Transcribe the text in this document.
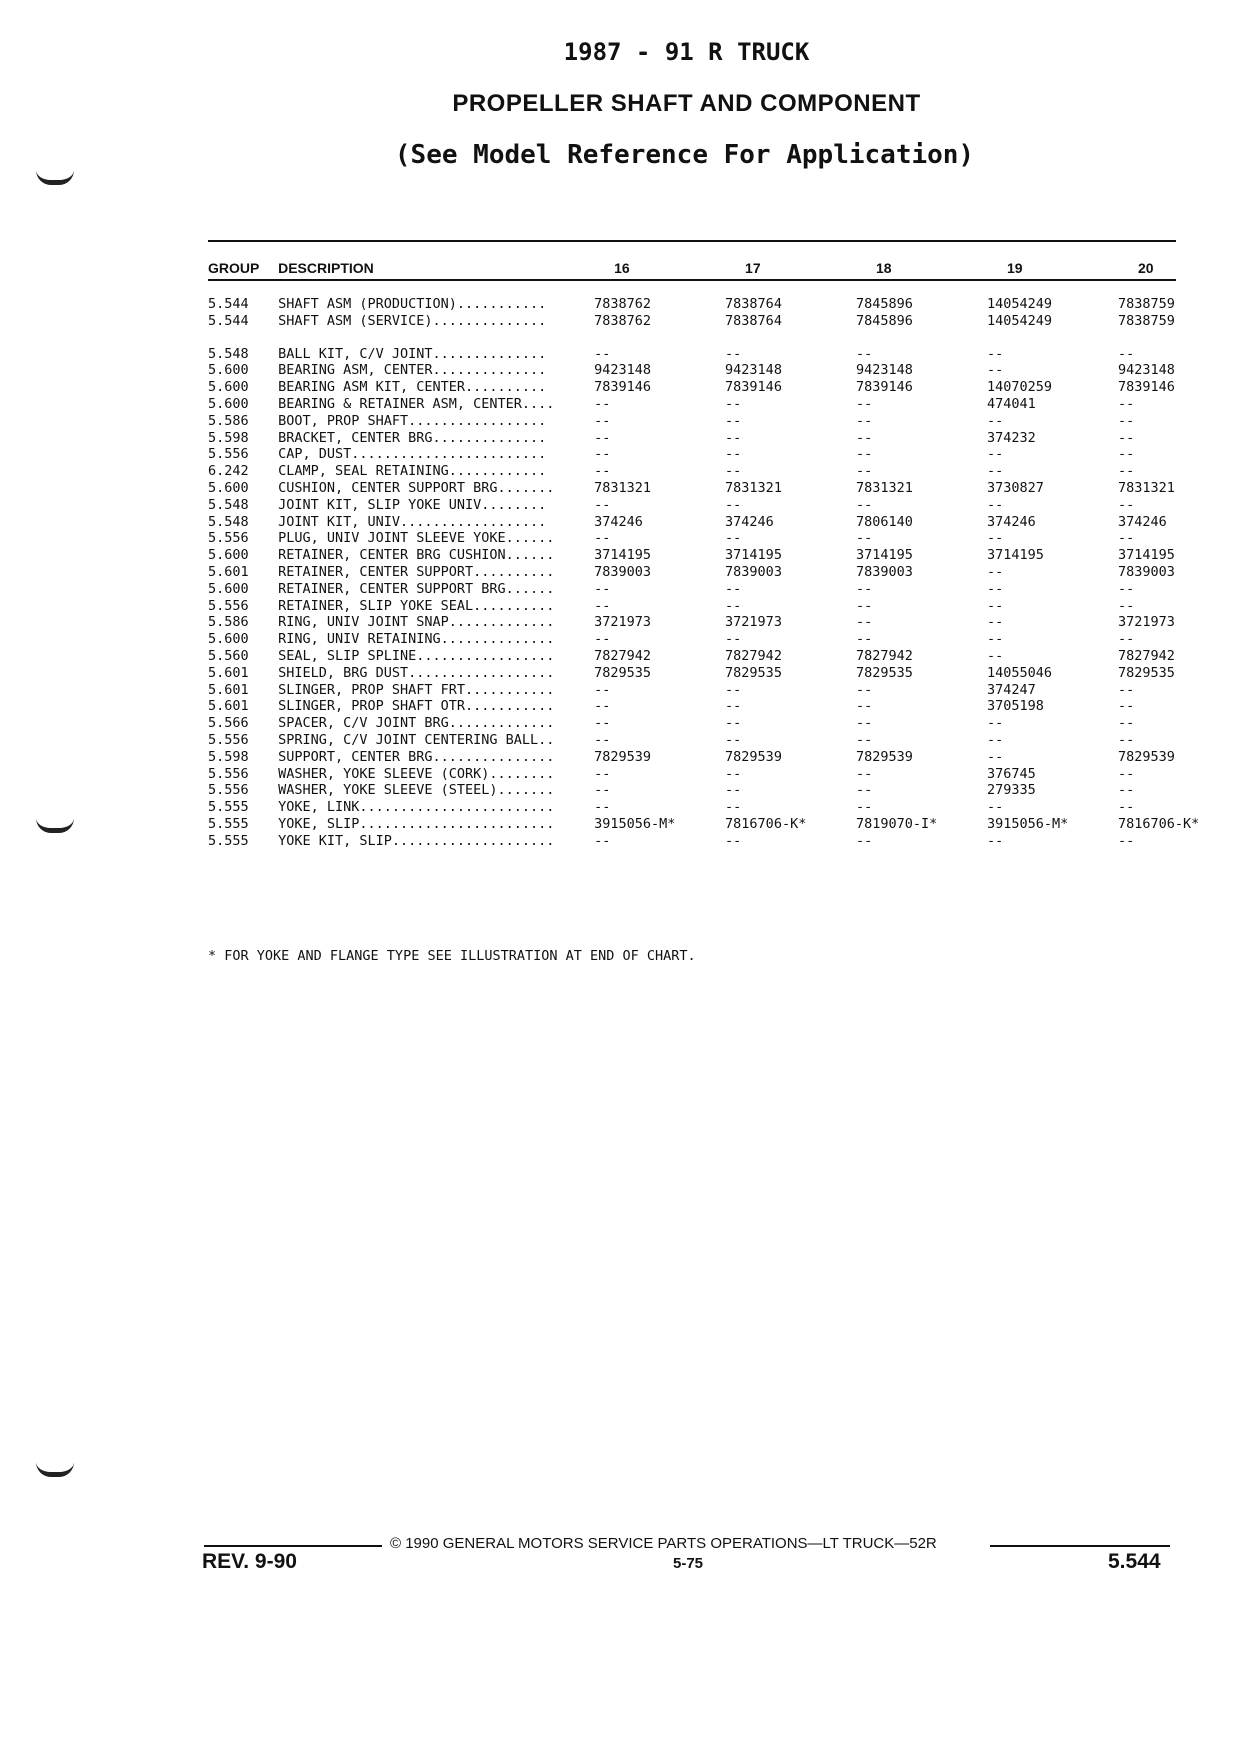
1987 - 91 R TRUCK
PROPELLER SHAFT AND COMPONENT
(See Model Reference For Application)
GROUP	DESCRIPTION	16	17	18	19	20

5.544	SHAFT ASM (PRODUCTION)...........	7838762	7838764	7845896	14054249	7838759
5.544	SHAFT ASM (SERVICE)..............	7838762	7838764	7845896	14054249	7838759

5.548	BALL KIT, C/V JOINT..............	--	--	--	--	--
5.600	BEARING ASM, CENTER..............	9423148	9423148	9423148	--	9423148
5.600	BEARING ASM KIT, CENTER..........	7839146	7839146	7839146	14070259	7839146
5.600	BEARING & RETAINER ASM, CENTER....	--	--	--	474041	--
5.586	BOOT, PROP SHAFT.................	--	--	--	--	--
5.598	BRACKET, CENTER BRG..............	--	--	--	374232	--
5.556	CAP, DUST........................	--	--	--	--	--
6.242	CLAMP, SEAL RETAINING............	--	--	--	--	--
5.600	CUSHION, CENTER SUPPORT BRG.......	7831321	7831321	7831321	3730827	7831321
5.548	JOINT KIT, SLIP YOKE UNIV........	--	--	--	--	--
5.548	JOINT KIT, UNIV..................	374246	374246	7806140	374246	374246
5.556	PLUG, UNIV JOINT SLEEVE YOKE......	--	--	--	--	--
5.600	RETAINER, CENTER BRG CUSHION......	3714195	3714195	3714195	3714195	3714195
5.601	RETAINER, CENTER SUPPORT..........	7839003	7839003	7839003	--	7839003
5.600	RETAINER, CENTER SUPPORT BRG......	--	--	--	--	--
5.556	RETAINER, SLIP YOKE SEAL..........	--	--	--	--	--
5.586	RING, UNIV JOINT SNAP.............	3721973	3721973	--	--	3721973
5.600	RING, UNIV RETAINING..............	--	--	--	--	--
5.560	SEAL, SLIP SPLINE.................	7827942	7827942	7827942	--	7827942
5.601	SHIELD, BRG DUST..................	7829535	7829535	7829535	14055046	7829535
5.601	SLINGER, PROP SHAFT FRT...........	--	--	--	374247	--
5.601	SLINGER, PROP SHAFT OTR...........	--	--	--	3705198	--
5.566	SPACER, C/V JOINT BRG.............	--	--	--	--	--
5.556	SPRING, C/V JOINT CENTERING BALL..	--	--	--	--	--
5.598	SUPPORT, CENTER BRG...............	7829539	7829539	7829539	--	7829539
5.556	WASHER, YOKE SLEEVE (CORK)........	--	--	--	376745	--
5.556	WASHER, YOKE SLEEVE (STEEL).......	--	--	--	279335	--
5.555	YOKE, LINK........................	--	--	--	--	--
5.555	YOKE, SLIP........................	3915056-M*	7816706-K*	7819070-I*	3915056-M*	7816706-K*
5.555	YOKE KIT, SLIP....................	--	--	--	--	--
* FOR YOKE AND FLANGE TYPE SEE ILLUSTRATION AT END OF CHART.
© 1990 GENERAL MOTORS SERVICE PARTS OPERATIONS—LT TRUCK—52R
REV. 9-90	5-75	5.544
